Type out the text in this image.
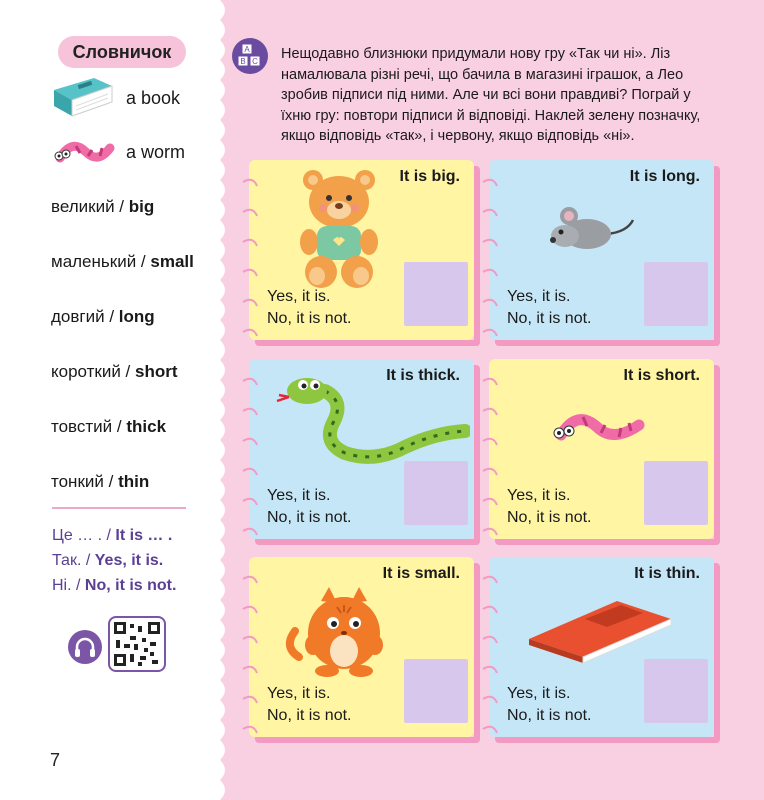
Словничок
a book
a worm
великий / big
маленький / small
довгий / long
короткий / short
товстий / thick
тонкий / thin
Це … . / It is … .
Так. / Yes, it is.
Ні. / No, it is not.
7
A
B C Нещодавно близнюки придумали нову гру «Так чи ні». Ліз намалювала різні речі, що бачила в магазині іграшок, а Лео зробив підписи під ними. Але чи всі вони правдиві? Пограй у їхню гру: повтори підписи й відповіді. Наклей зелену позначку, якщо відповідь «так», і червону, якщо відповідь «ні».
It is big.
Yes, it is.
No, it is not.
It is long.
Yes, it is.
No, it is not.
It is thick.
Yes, it is.
No, it is not.
It is short.
Yes, it is.
No, it is not.
It is small.
Yes, it is.
No, it is not.
It is thin.
Yes, it is.
No, it is not.
